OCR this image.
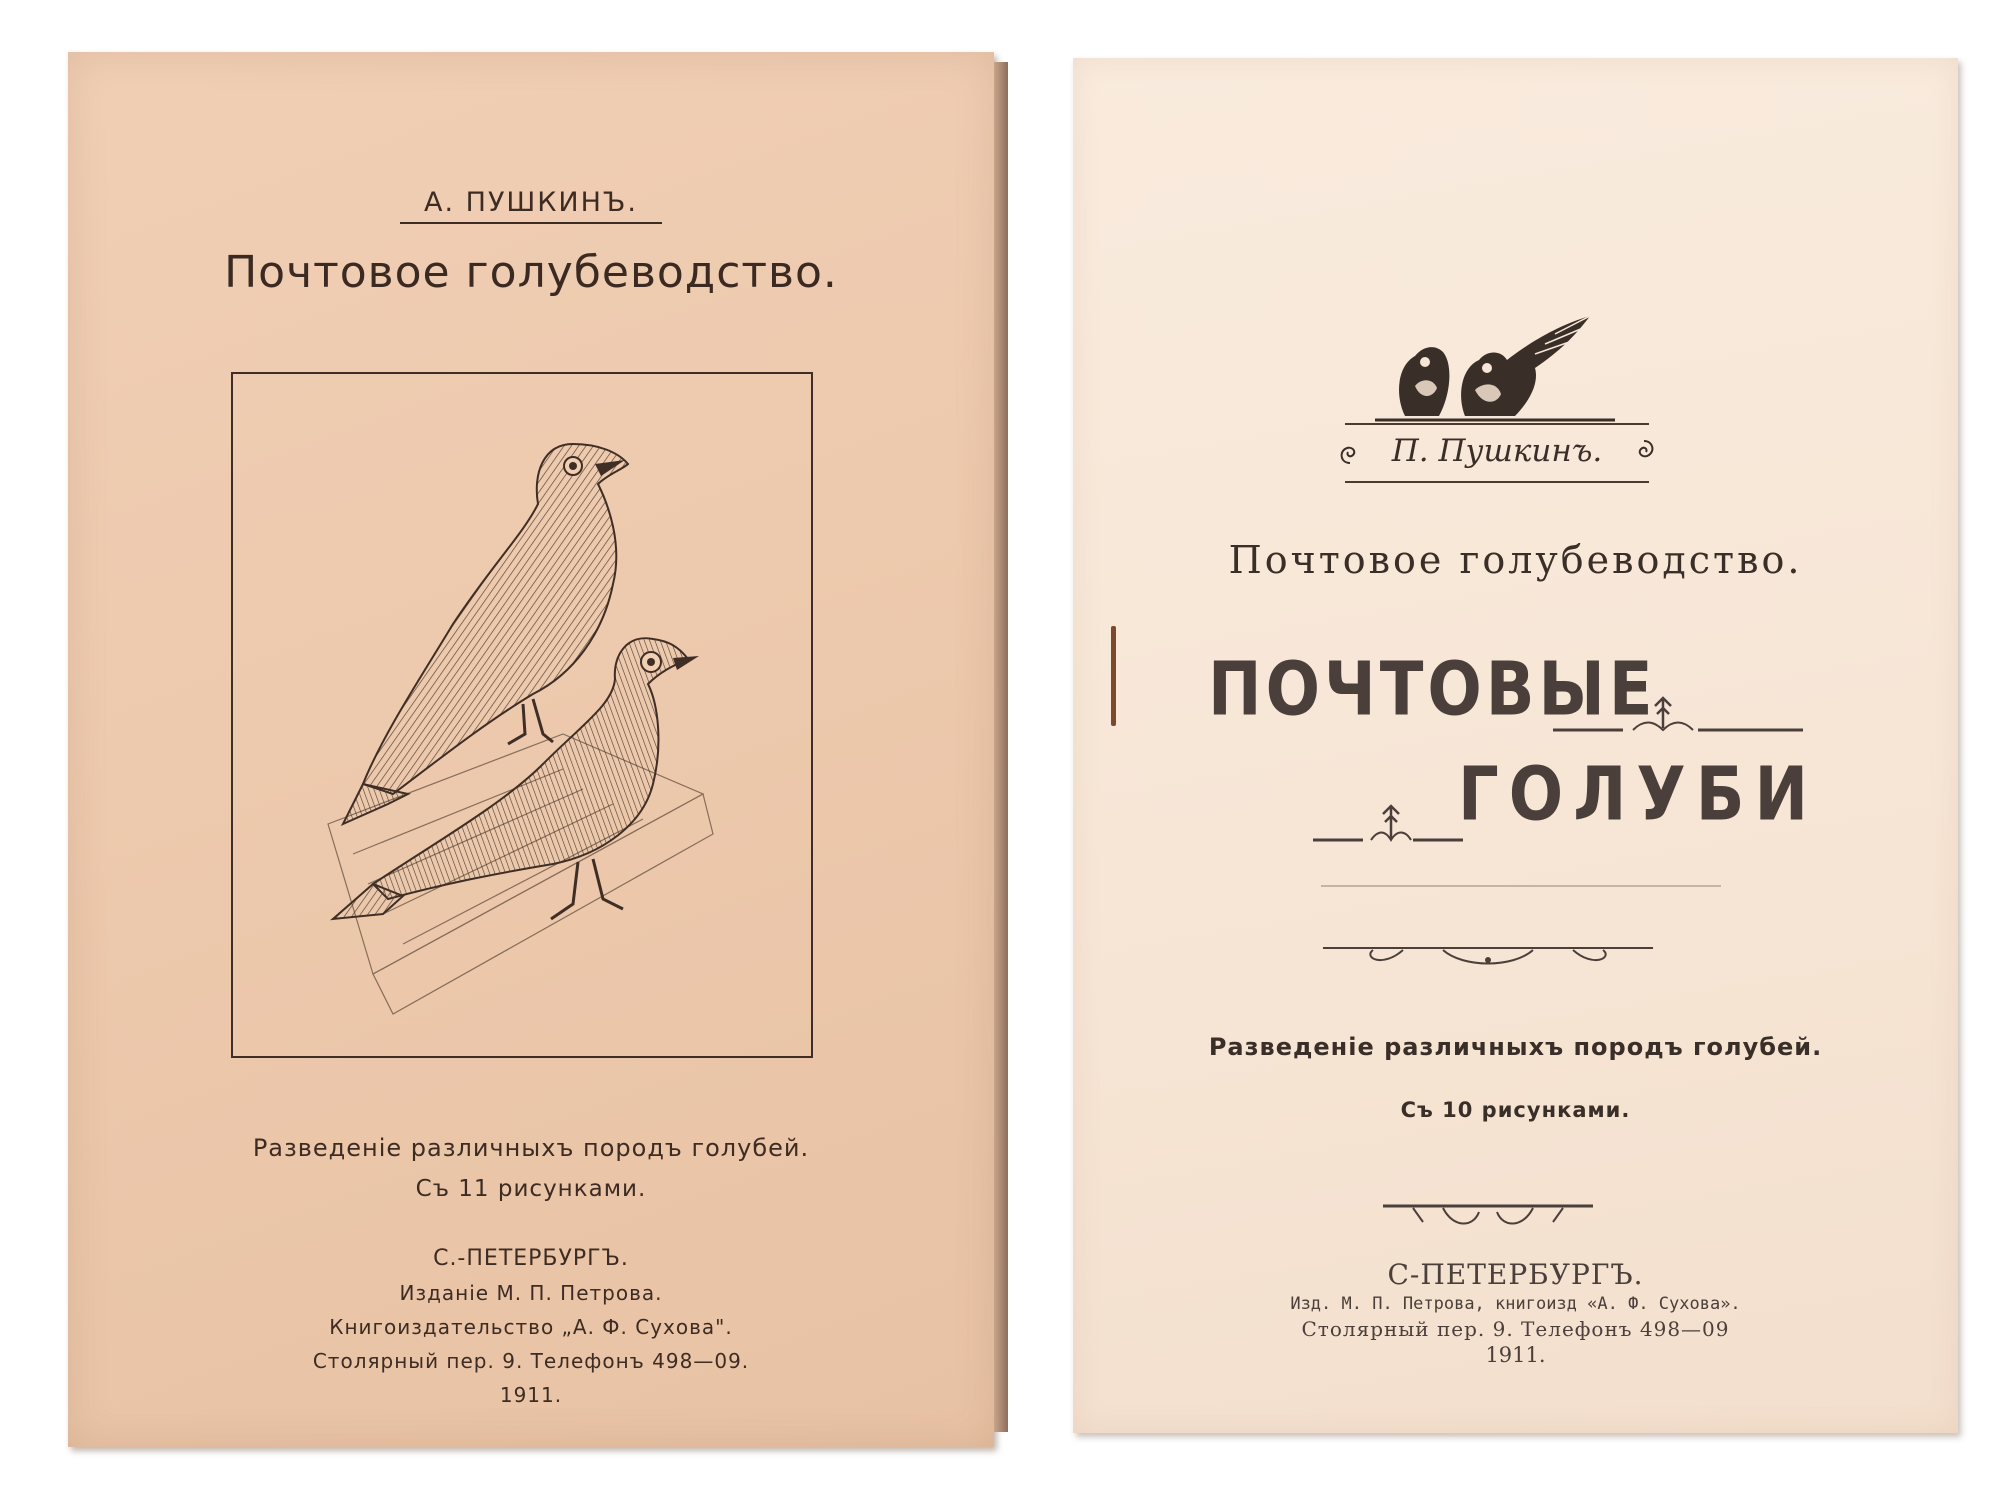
А. ПУШКИНЪ.
Почтовое голубеводство.
Разведенiе различныхъ породъ голубей.
Съ 11 рисунками.
С.-ПЕТЕРБУРГЪ.
Изданiе М. П. Петрова.
Книгоиздательство „А. Ф. Сухова".
Столярный пер. 9. Телефонъ 498—09.
1911.
П. Пушкинъ.
Почтовое голубеводство.
ПОЧТОВЫЕ
ГОЛУБИ
Разведенiе различныхъ породъ голубей.
Съ 10 рисунками.
С-ПЕТЕРБУРГЪ.
Изд. М. П. Петрова, книгоизд «А. Ф. Сухова».
Столярный пер. 9. Телефонъ 498—09
1911.
